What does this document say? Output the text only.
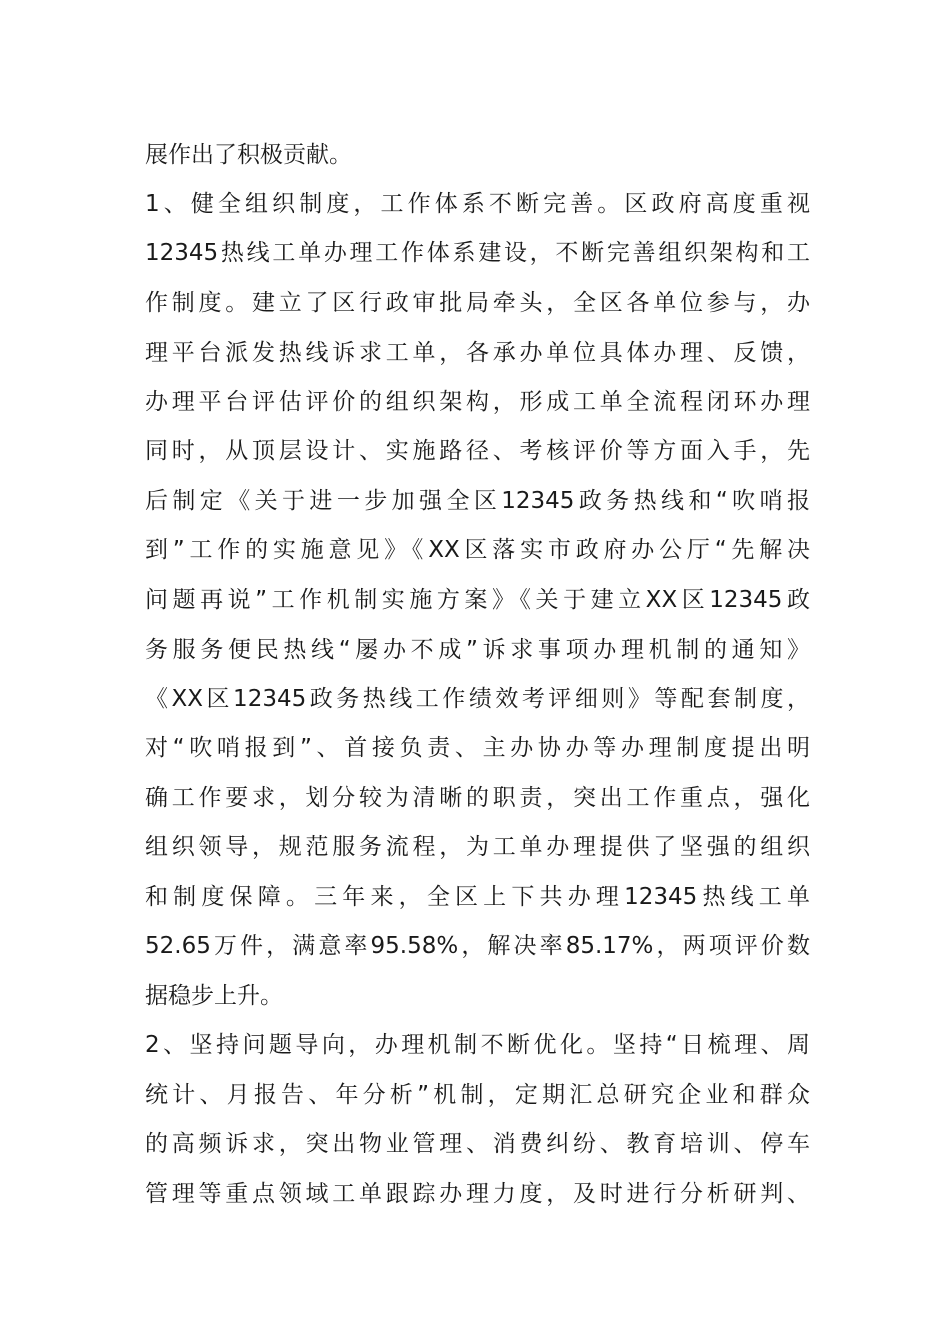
展作出了积极贡献。
1、健全组织制度，工作体系不断完善。区政府高度重视
12345热线工单办理工作体系建设，不断完善组织架构和工
作制度。建立了区行政审批局牵头，全区各单位参与，办
理平台派发热线诉求工单，各承办单位具体办理、反馈，
办理平台评估评价的组织架构，形成工单全流程闭环办理
同时，从顶层设计、实施路径、考核评价等方面入手，先
后制定《关于进一步加强全区12345政务热线和“吹哨报
到”工作的实施意见》《XX区落实市政府办公厅“先解决
问题再说”工作机制实施方案》《关于建立XX区12345政
务服务便民热线“屡办不成”诉求事项办理机制的通知》
《XX区12345政务热线工作绩效考评细则》等配套制度，
对“吹哨报到”、首接负责、主办协办等办理制度提出明
确工作要求，划分较为清晰的职责，突出工作重点，强化
组织领导，规范服务流程，为工单办理提供了坚强的组织
和制度保障。三年来，全区上下共办理12345热线工单
52.65万件，满意率95.58%，解决率85.17%，两项评价数
据稳步上升。
2、坚持问题导向，办理机制不断优化。坚持“日梳理、周
统计、月报告、年分析”机制，定期汇总研究企业和群众
的高频诉求，突出物业管理、消费纠纷、教育培训、停车
管理等重点领域工单跟踪办理力度，及时进行分析研判、
